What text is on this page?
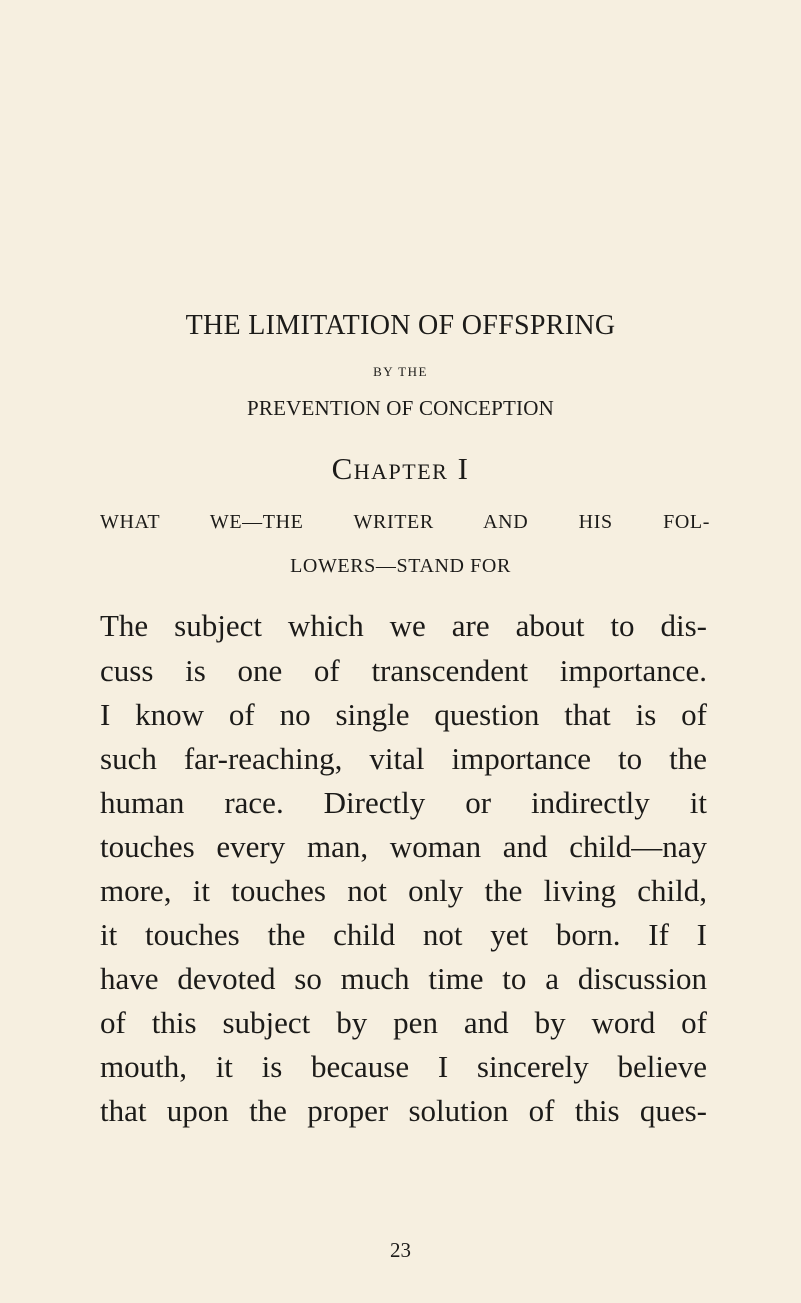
THE LIMITATION OF OFFSPRING
BY THE
PREVENTION OF CONCEPTION
Chapter I
WHAT WE—THE WRITER AND HIS FOL-
LOWERS—STAND FOR
The subject which we are about to dis-
cuss is one of transcendent importance.
I know of no single question that is of
such far-reaching, vital importance to the
human race. Directly or indirectly it
touches every man, woman and child—nay
more, it touches not only the living child,
it touches the child not yet born. If I
have devoted so much time to a discussion
of this subject by pen and by word of
mouth, it is because I sincerely believe
that upon the proper solution of this ques-
23
